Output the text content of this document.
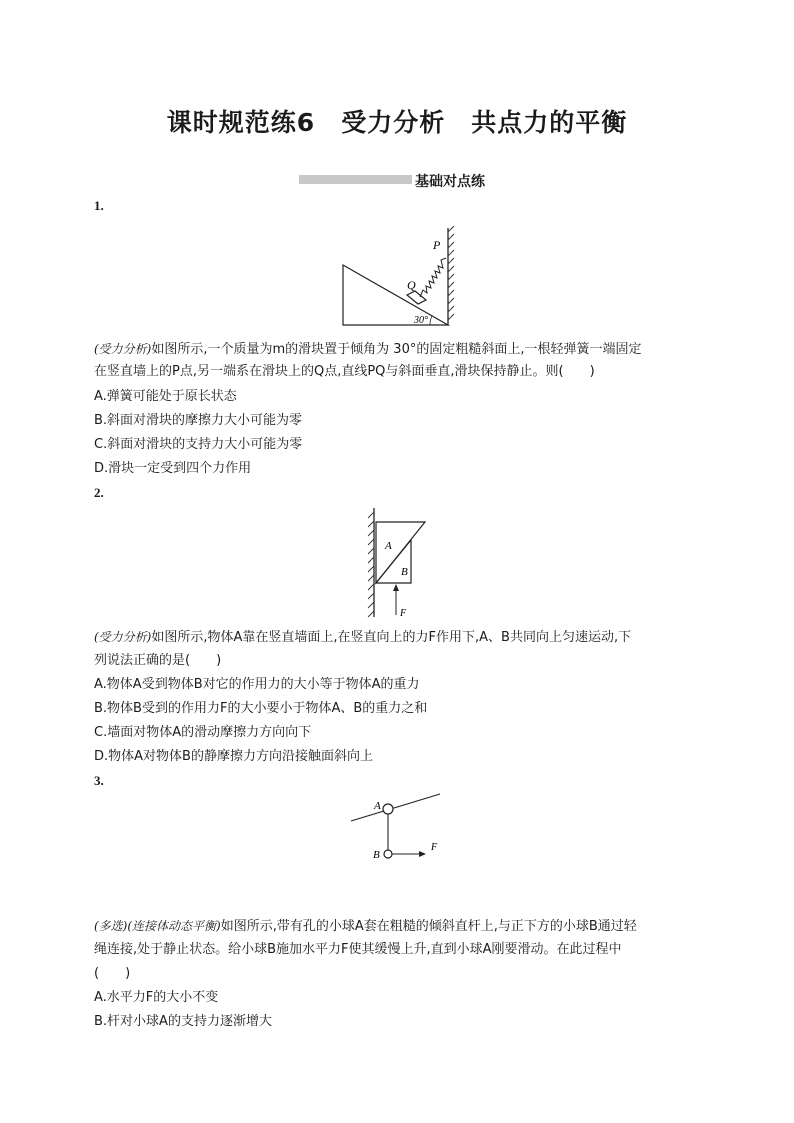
课时规范练6　受力分析　共点力的平衡
基础对点练
1.
P
Q
30°
(受力分析)如图所示,一个质量为m的滑块置于倾角为 30°的固定粗糙斜面上,一根轻弹簧一端固定
在竖直墙上的P点,另一端系在滑块上的Q点,直线PQ与斜面垂直,滑块保持静止。则(　　)
A.弹簧可能处于原长状态
B.斜面对滑块的摩擦力大小可能为零
C.斜面对滑块的支持力大小可能为零
D.滑块一定受到四个力作用
2.
A
B
F
(受力分析)如图所示,物体A靠在竖直墙面上,在竖直向上的力F作用下,A、B共同向上匀速运动,下
列说法正确的是(　　)
A.物体A受到物体B对它的作用力的大小等于物体A的重力
B.物体B受到的作用力F的大小要小于物体A、B的重力之和
C.墙面对物体A的滑动摩擦力方向向下
D.物体A对物体B的静摩擦力方向沿接触面斜向上
3.
A
B
F
(多选)(连接体动态平衡)如图所示,带有孔的小球A套在粗糙的倾斜直杆上,与正下方的小球B通过轻
绳连接,处于静止状态。给小球B施加水平力F使其缓慢上升,直到小球A刚要滑动。在此过程中
(　　)
A.水平力F的大小不变
B.杆对小球A的支持力逐渐增大
